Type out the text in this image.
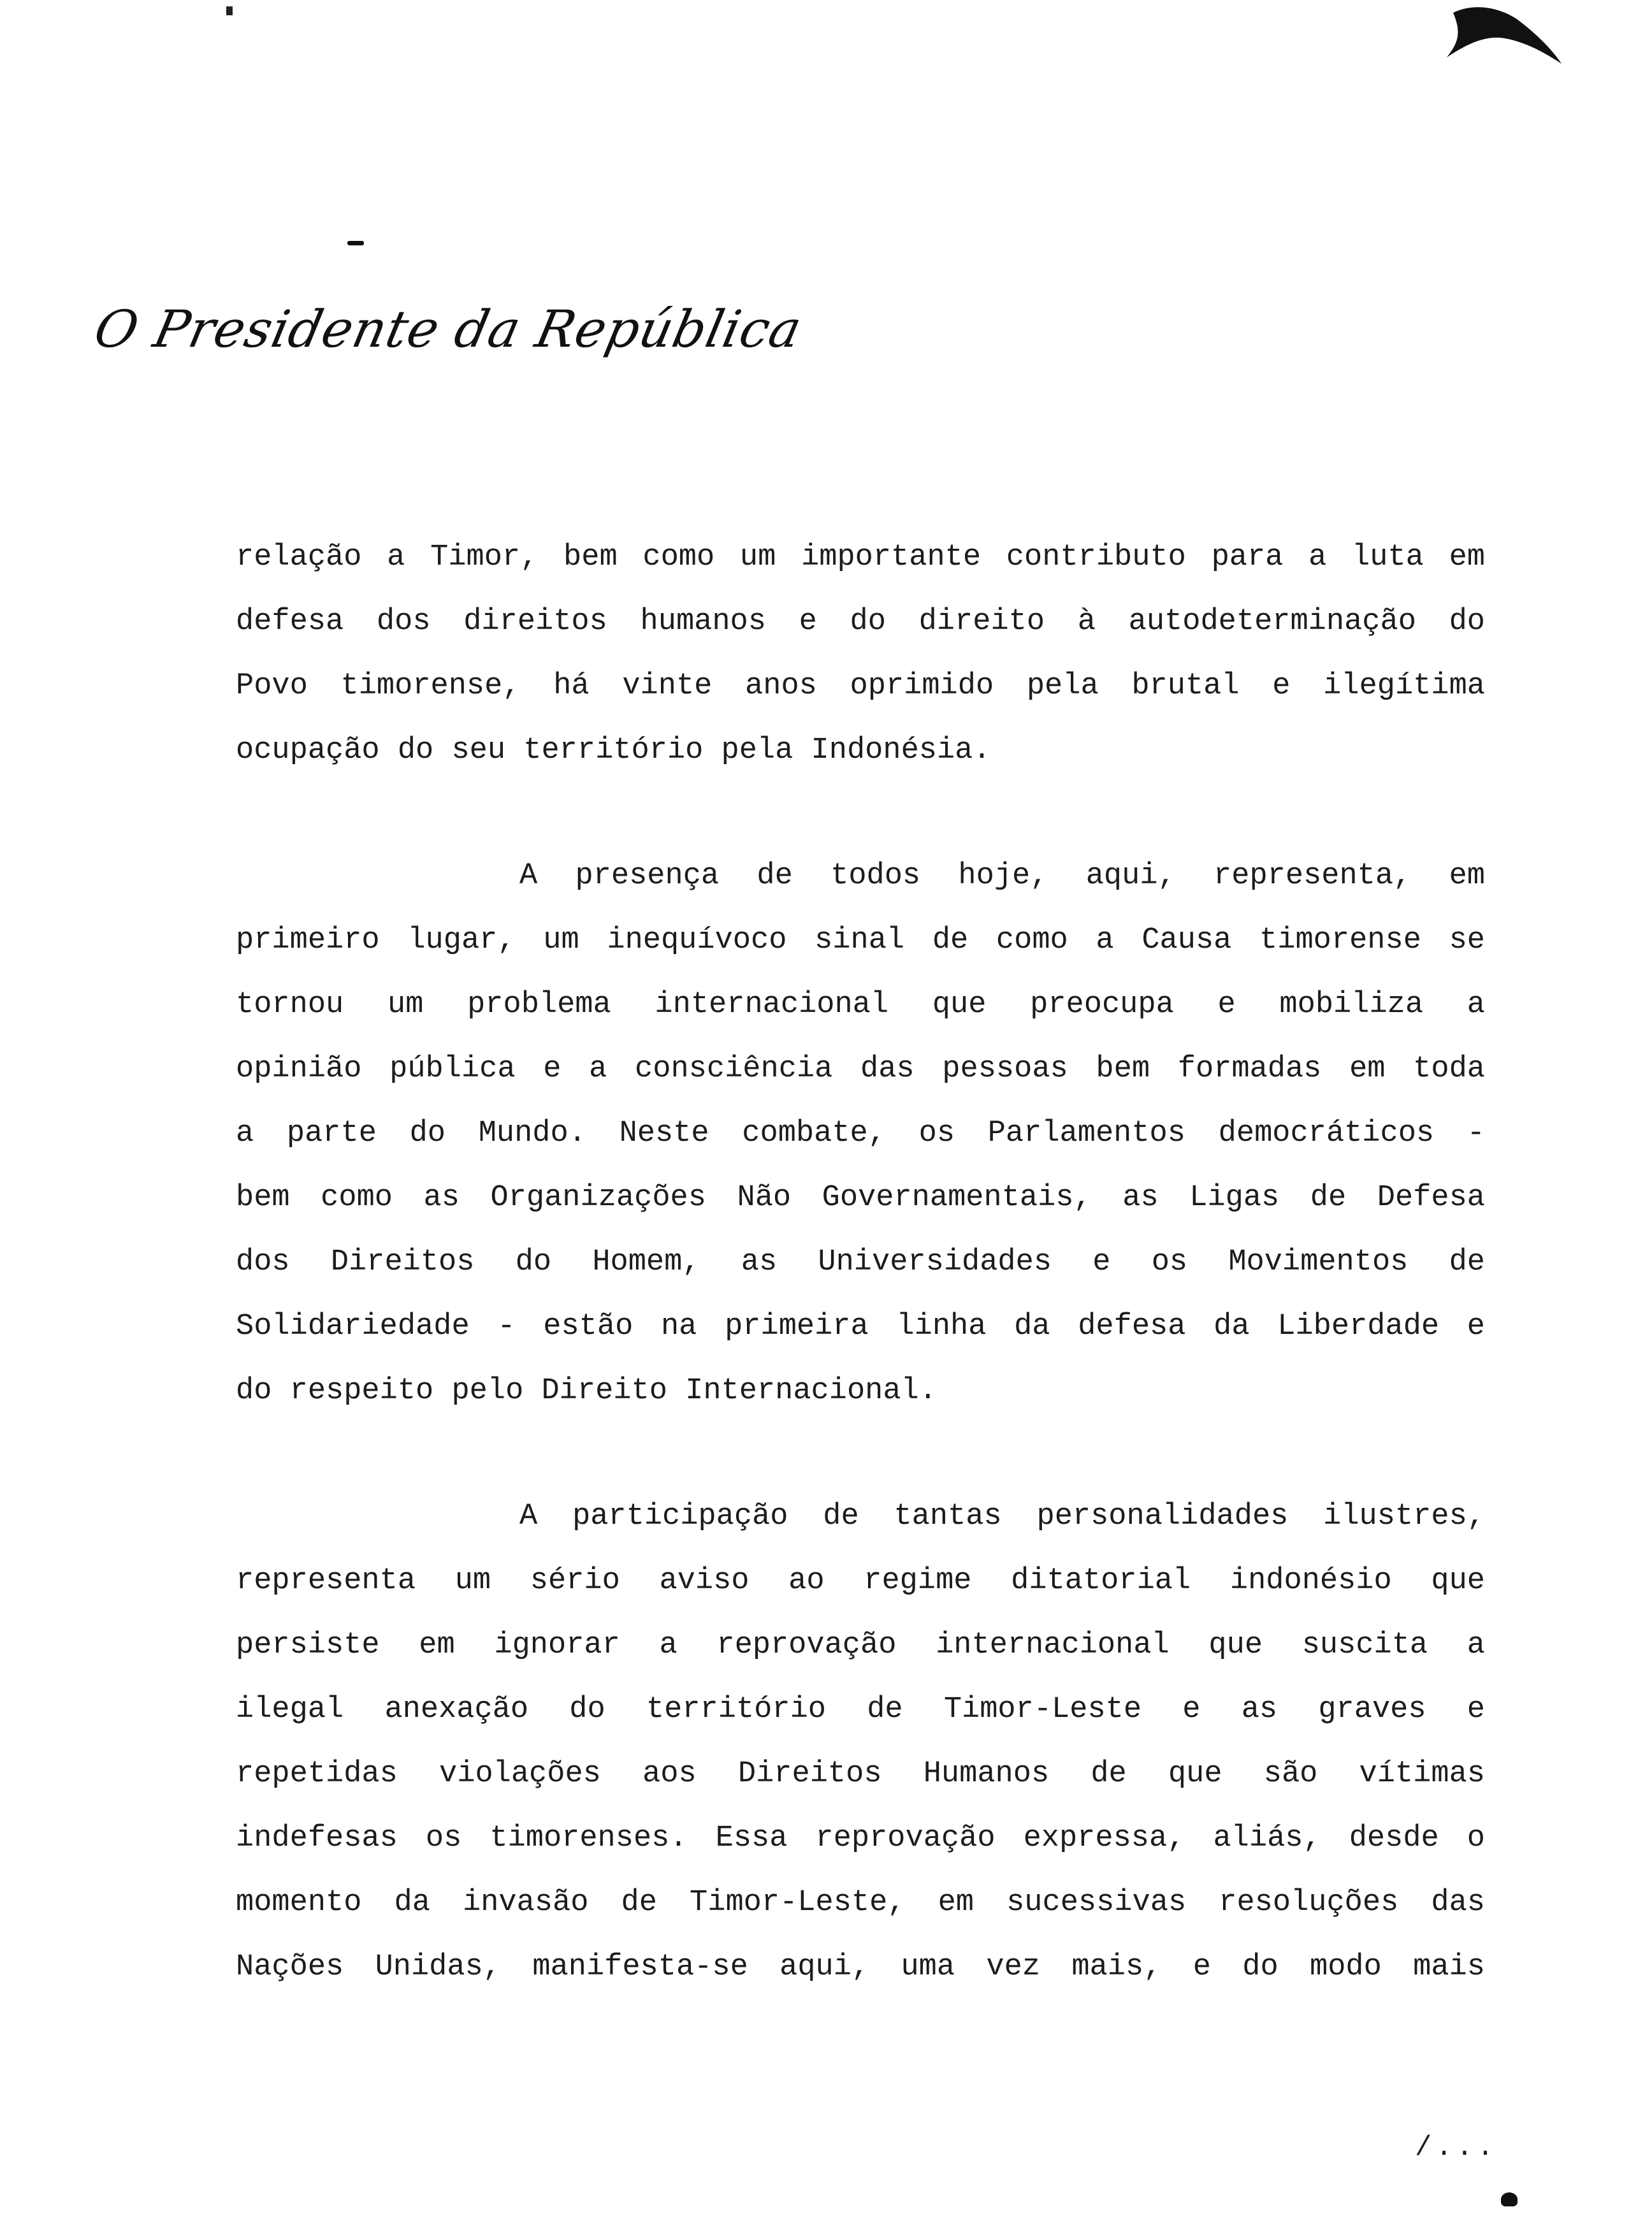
O Presidente da República
relação a Timor, bem como um importante contributo para a luta em
defesa dos direitos humanos e do direito à autodeterminação do
Povo timorense, há vinte anos oprimido pela brutal e ilegítima
ocupação do seu território pela Indonésia.
A presença de todos hoje, aqui, representa, em
primeiro lugar, um inequívoco sinal de como a Causa timorense se
tornou um problema internacional que preocupa e mobiliza a
opinião pública e a consciência das pessoas bem formadas em toda
a parte do Mundo. Neste combate, os Parlamentos democráticos -
bem como as Organizações Não Governamentais, as Ligas de Defesa
dos Direitos do Homem, as Universidades e os Movimentos de
Solidariedade - estão na primeira linha da defesa da Liberdade e
do respeito pelo Direito Internacional.
A participação de tantas personalidades ilustres,
representa um sério aviso ao regime ditatorial indonésio que
persiste em ignorar a reprovação internacional que suscita a
ilegal anexação do território de Timor-Leste e as graves e
repetidas violações aos Direitos Humanos de que são vítimas
indefesas os timorenses. Essa reprovação expressa, aliás, desde o
momento da invasão de Timor-Leste, em sucessivas resoluções das
Nações Unidas, manifesta-se aqui, uma vez mais, e do modo mais
/...
